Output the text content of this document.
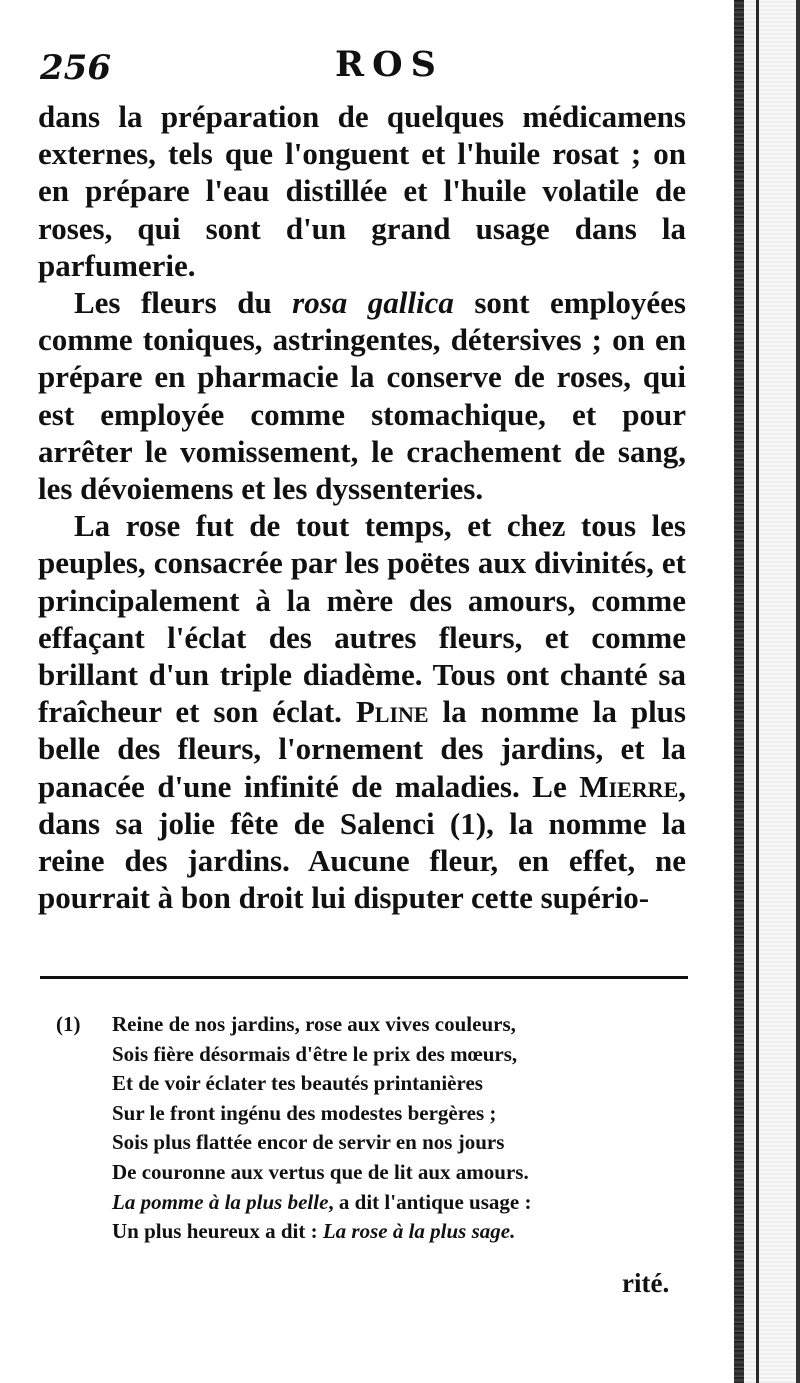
256	ROS

dans la préparation de quelques médicamens externes, tels que l'onguent et l'huile rosat ; on en prépare l'eau distillée et l'huile volatile de roses, qui sont d'un grand usage dans la parfumerie.

Les fleurs du rosa gallica sont employées comme toniques, astringentes, détersives ; on en prépare en pharmacie la conserve de roses, qui est employée comme stomachique, et pour arrêter le vomissement, le crachement de sang, les dévoiemens et les dyssenteries.

La rose fut de tout temps, et chez tous les peuples, consacrée par les poëtes aux divinités, et principalement à la mère des amours, comme effaçant l'éclat des autres fleurs, et comme brillant d'un triple diadème. Tous ont chanté sa fraîcheur et son éclat. Pline la nomme la plus belle des fleurs, l'ornement des jardins, et la panacée d'une infinité de maladies. Le Mierre, dans sa jolie fête de Salenci (1), la nomme la reine des jardins. Aucune fleur, en effet, ne pourrait à bon droit lui disputer cette supério-

(1) Reine de nos jardins, rose aux vives couleurs,
Sois fière désormais d'être le prix des mœurs,
Et de voir éclater tes beautés printanières
Sur le front ingénu des modestes bergères ;
Sois plus flattée encor de servir en nos jours
De couronne aux vertus que de lit aux amours.
La pomme à la plus belle, a dit l'antique usage :
Un plus heureux a dit : La rose à la plus sage.
rité.
